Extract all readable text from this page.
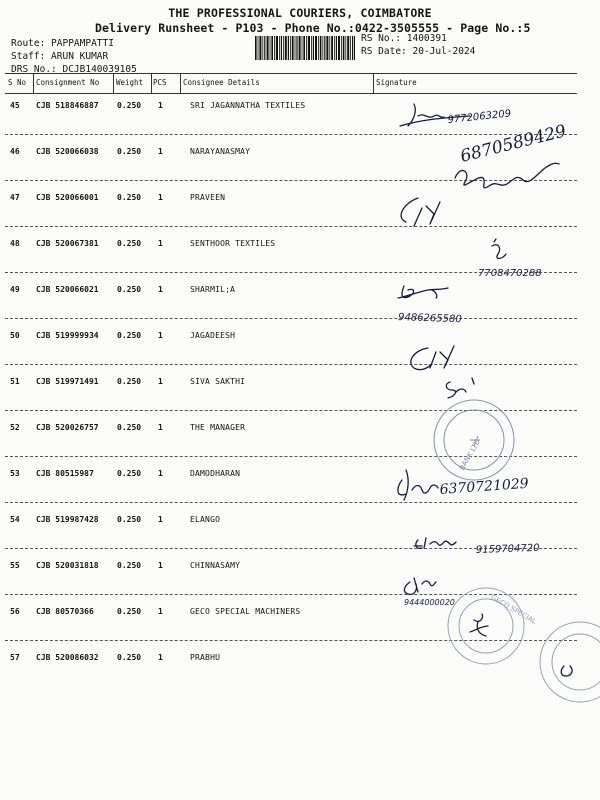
THE PROFESSIONAL COURIERS, COIMBATORE
Delivery Runsheet - P103 - Phone No.:0422-3505555 - Page No.:5
Route: PAPPAMPATTI
Staff: ARUN KUMAR
DRS No.: DCJB140039105
RS No.: 1400391
RS Date: 20-Jul-2024
S No Consignment No Weight PCS Consignee Details	Signature
45 CJB 518846887 0.250 1	SRI JAGANNATHA TEXTILES
46 CJB 520066038 0.250 1	NARAYANASMAY
47 CJB 520066001 0.250 1	PRAVEEN
48 CJB 520067381 0.250 1	SENTHOOR TEXTILES
49 CJB 520066021 0.250 1	SHARMIL;A
50 CJB 519999934 0.250 1	JAGADEESH
51 CJB 519971491 0.250 1	SIVA SAKTHI
52 CJB 520026757 0.250 1	THE MANAGER
53 CJB 80515987	0.250 1	DAMODHARAN
54 CJB 519987428 0.250 1	ELANGO
55 CJB 520031818 0.250 1	CHINNASAMY
56 CJB 80570366	0.250 1	GECO SPECIAL MACHINERS
57 CJB 520086032 0.250 1	PRABHU
9772063209
6870589429
7708470288
9486265580
6370721029
9159704720
9444000020
BANK LTD
GECO SPECIAL
